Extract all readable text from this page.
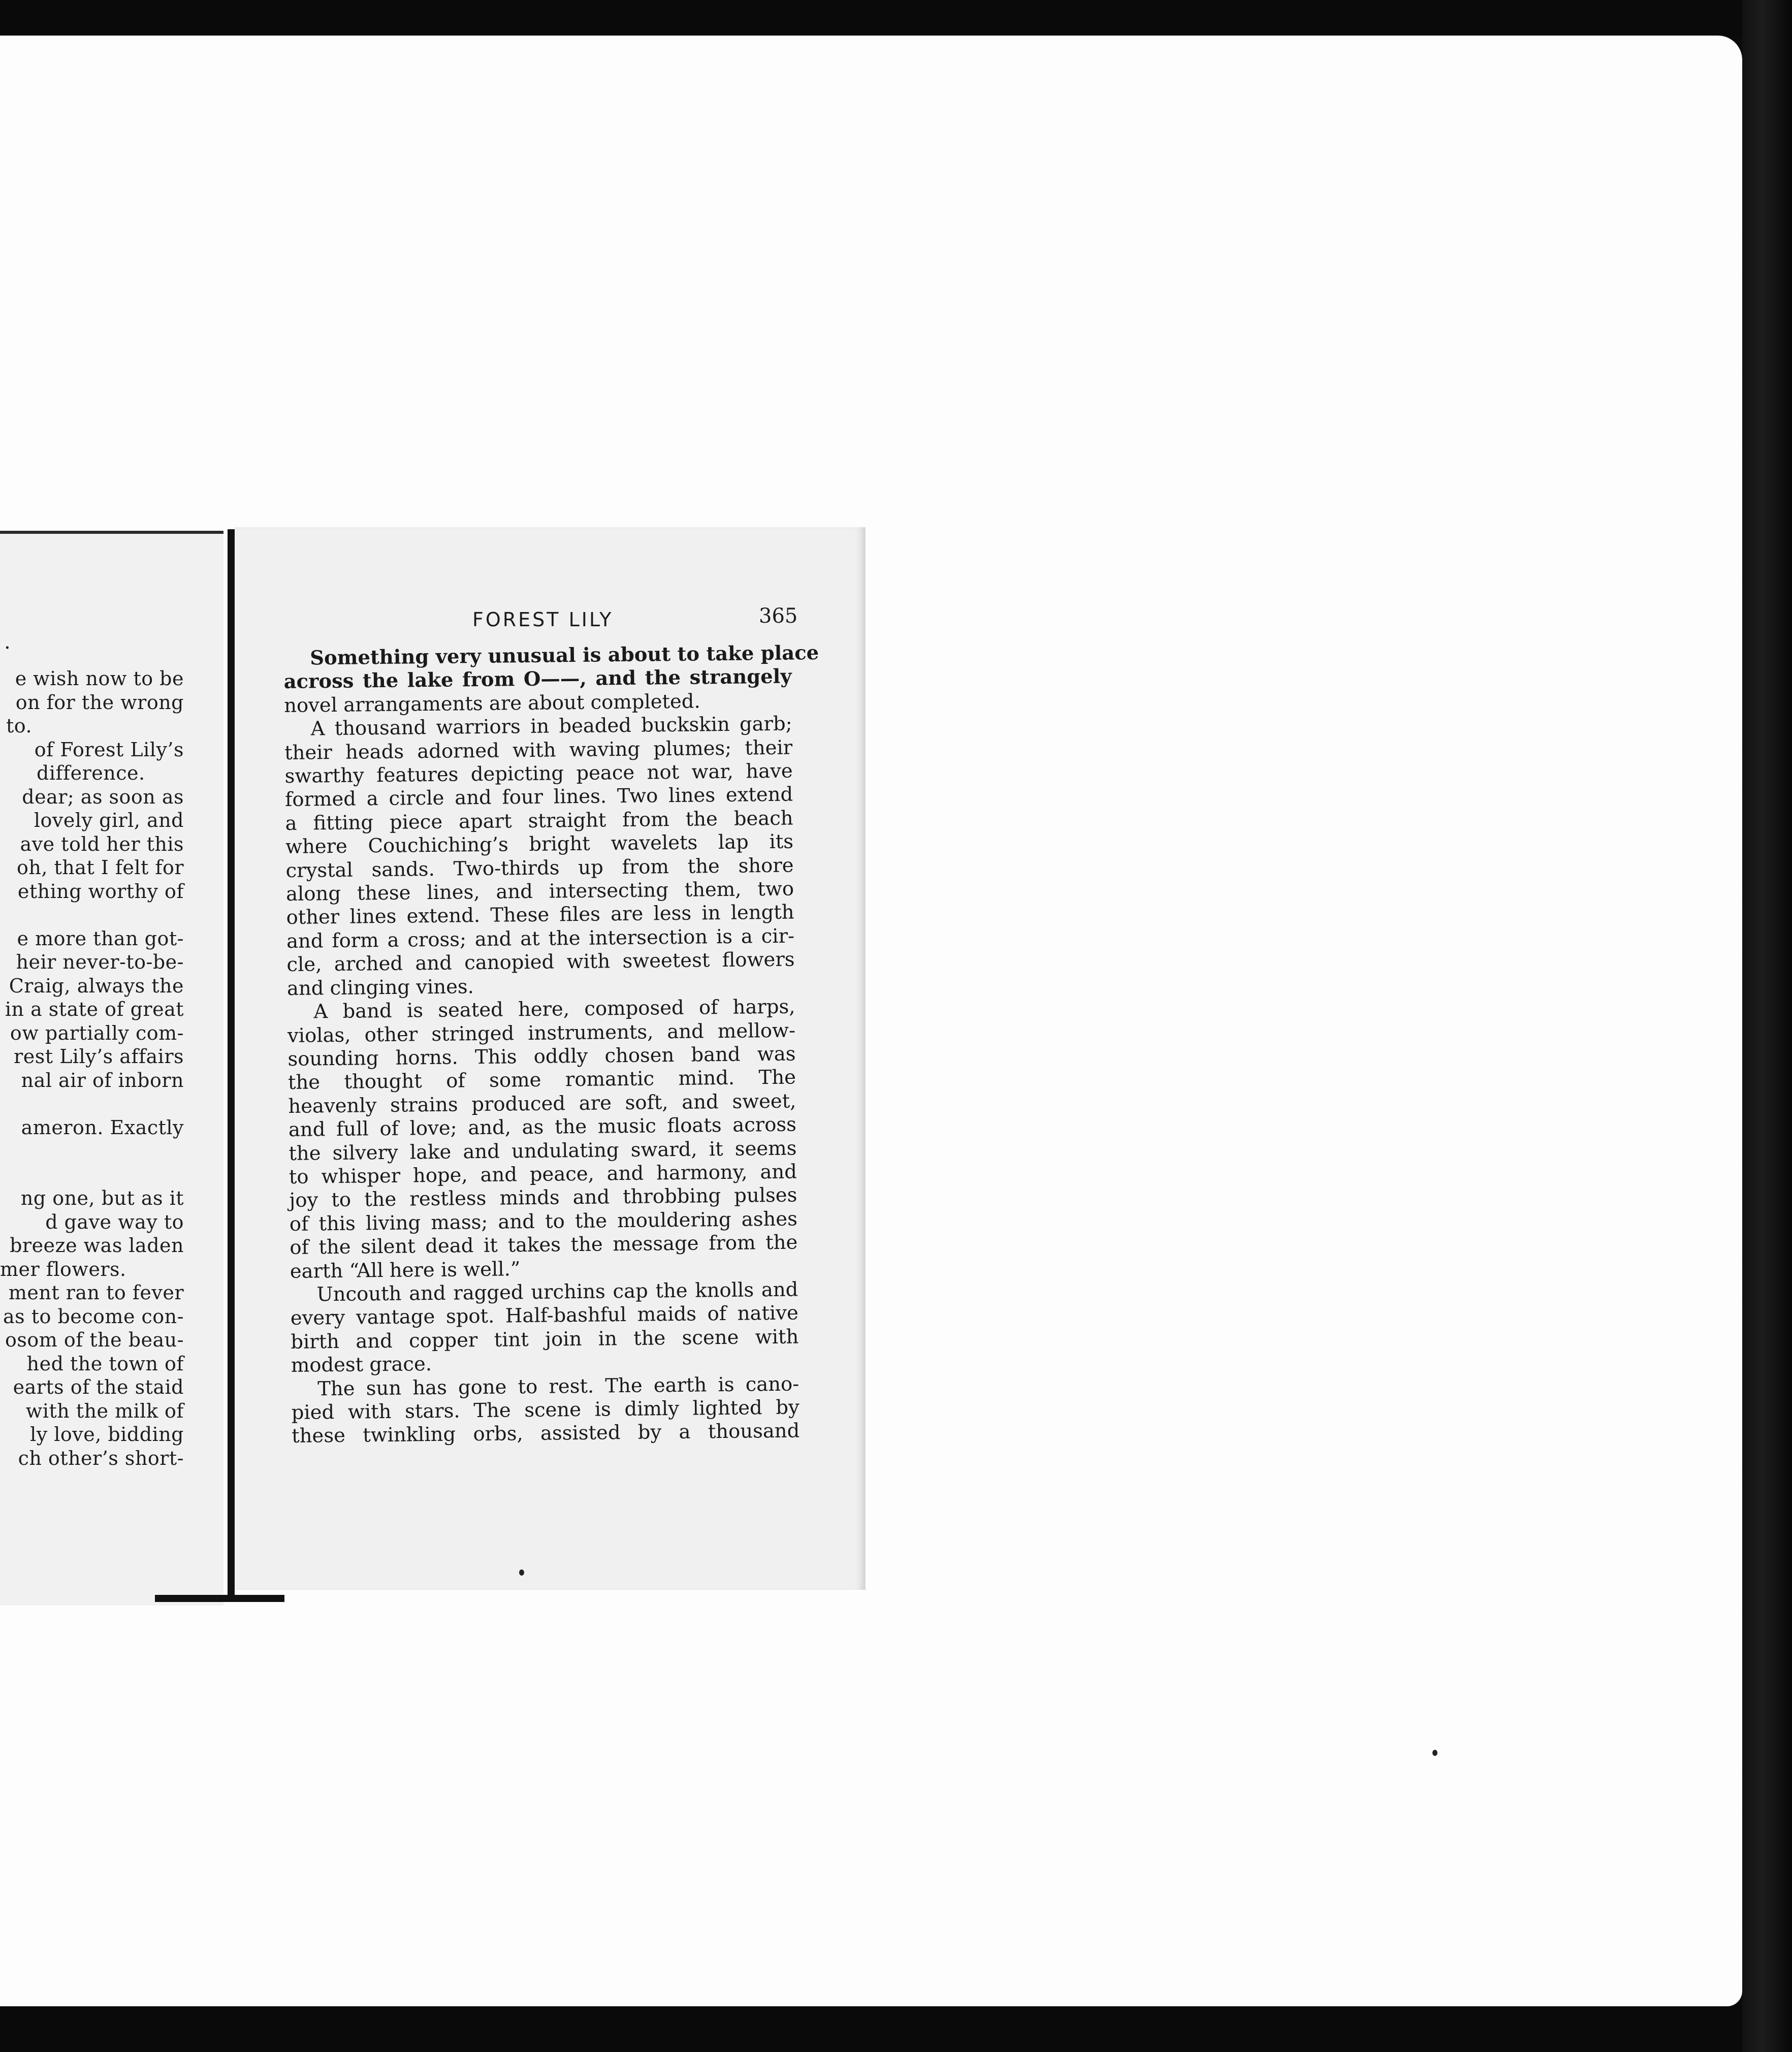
.
e wish now to be
on for the wrong
to.
of Forest Lily’s
difference.
dear; as soon as
lovely girl, and
ave told her this
oh, that I felt for
ething worthy of
e more than got-
heir never-to-be-
Craig, always the
in a state of great
ow partially com-
rest Lily’s affairs
nal air of inborn
ameron. Exactly
ng one, but as it
d gave way to
breeze was laden
mer flowers.
ment ran to fever
as to become con-
osom of the beau-
hed the town of
earts of the staid
with the milk of
ly love, bidding
ch other’s short-
FOREST LILY	365
Something very unusual is about to take place
across the lake from O——, and the strangely
novel arrangaments are about completed.
A thousand warriors in beaded buckskin garb;
their heads adorned with waving plumes; their
swarthy features depicting peace not war, have
formed a circle and four lines. Two lines extend
a fitting piece apart straight from the beach
where Couchiching’s bright wavelets lap its
crystal sands. Two-thirds up from the shore
along these lines, and intersecting them, two
other lines extend. These files are less in length
and form a cross; and at the intersection is a cir-
cle, arched and canopied with sweetest flowers
and clinging vines.
A band is seated here, composed of harps,
violas, other stringed instruments, and mellow-
sounding horns. This oddly chosen band was
the thought of some romantic mind. The
heavenly strains produced are soft, and sweet,
and full of love; and, as the music floats across
the silvery lake and undulating sward, it seems
to whisper hope, and peace, and harmony, and
joy to the restless minds and throbbing pulses
of this living mass; and to the mouldering ashes
of the silent dead it takes the message from the
earth “All here is well.”
Uncouth and ragged urchins cap the knolls and
every vantage spot. Half-bashful maids of native
birth and copper tint join in the scene with
modest grace.
The sun has gone to rest. The earth is cano-
pied with stars. The scene is dimly lighted by
these twinkling orbs, assisted by a thousand
